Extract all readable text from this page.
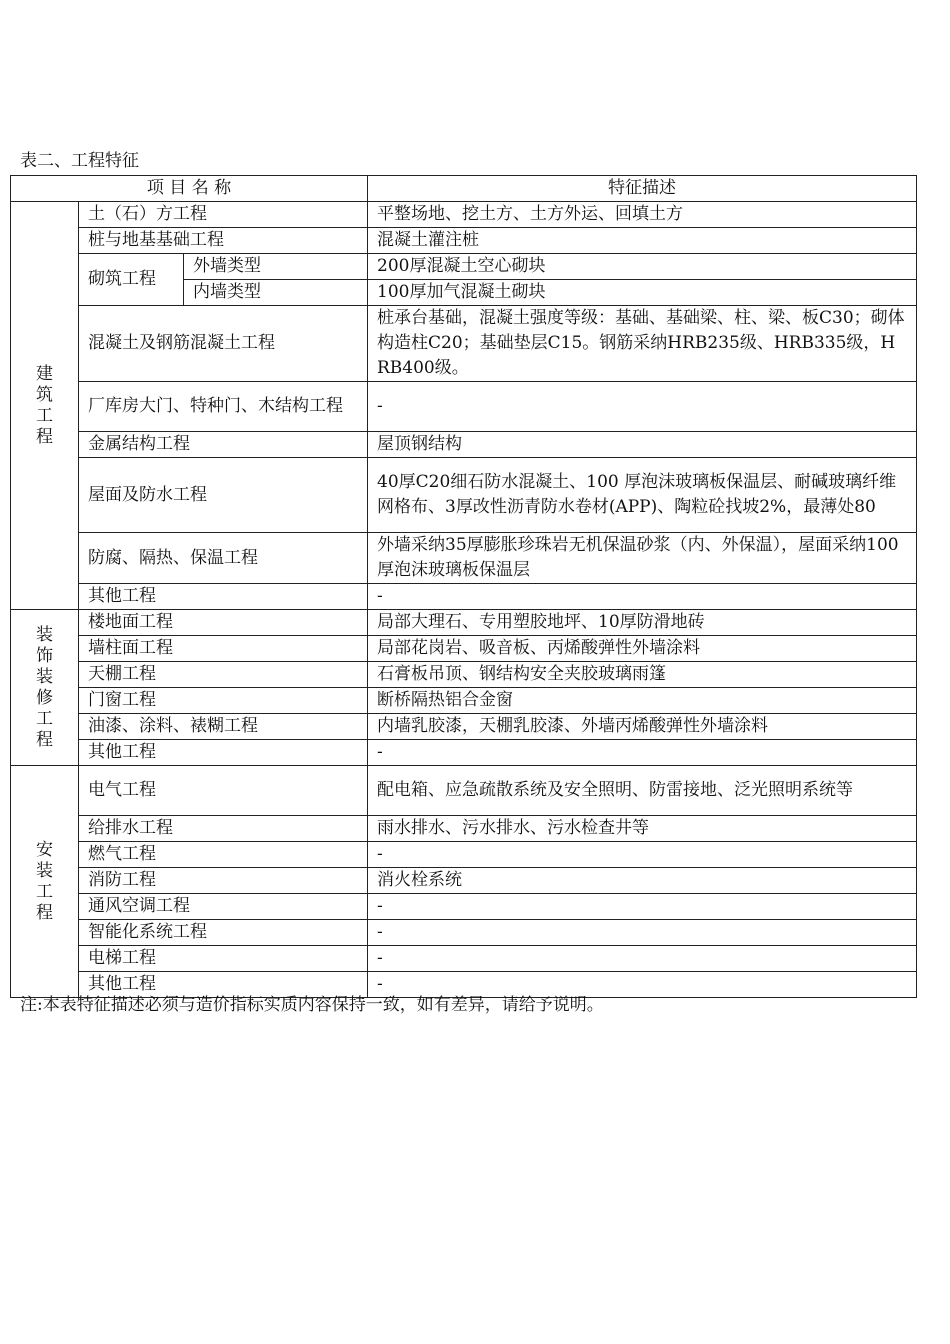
表二、工程特征
项 目 名 称			特征描述
建筑工程	土（石）方工程		平整场地、挖土方、土方外运、回填土方
	桩与地基基础工程		混凝土灌注桩
	砌筑工程	外墙类型	200厚混凝土空心砌块
		内墙类型	100厚加气混凝土砌块
	混凝土及钢筋混凝土工程		桩承台基础，混凝土强度等级：基础、基础梁、柱、梁、板C30；砌体构造柱C20；基础垫层C15。钢筋采纳HRB235级、HRB335级，HRB400级。
	厂库房大门、特种门、木结构工程		-
	金属结构工程		屋顶钢结构
	屋面及防水工程		40厚C20细石防水混凝土、100 厚泡沫玻璃板保温层、耐碱玻璃纤维网格布、3厚改性沥青防水卷材(APP)、陶粒砼找坡2%，最薄处80
	防腐、隔热、保温工程		外墙采纳35厚膨胀珍珠岩无机保温砂浆（内、外保温），屋面采纳100厚泡沫玻璃板保温层
	其他工程		-
装饰装修工程	楼地面工程		局部大理石、专用塑胶地坪、10厚防滑地砖
	墙柱面工程		局部花岗岩、吸音板、丙烯酸弹性外墙涂料
	天棚工程		石膏板吊顶、钢结构安全夹胶玻璃雨篷
	门窗工程		断桥隔热铝合金窗
	油漆、涂料、裱糊工程		内墙乳胶漆，天棚乳胶漆、外墙丙烯酸弹性外墙涂料
	其他工程		-
安装工程	电气工程		配电箱、应急疏散系统及安全照明、防雷接地、泛光照明系统等
	给排水工程		雨水排水、污水排水、污水检查井等
	燃气工程		-
	消防工程		消火栓系统
	通风空调工程		-
	智能化系统工程		-
	电梯工程		-
	其他工程		-
注:本表特征描述必须与造价指标实质内容保持一致，如有差异，请给予说明。
